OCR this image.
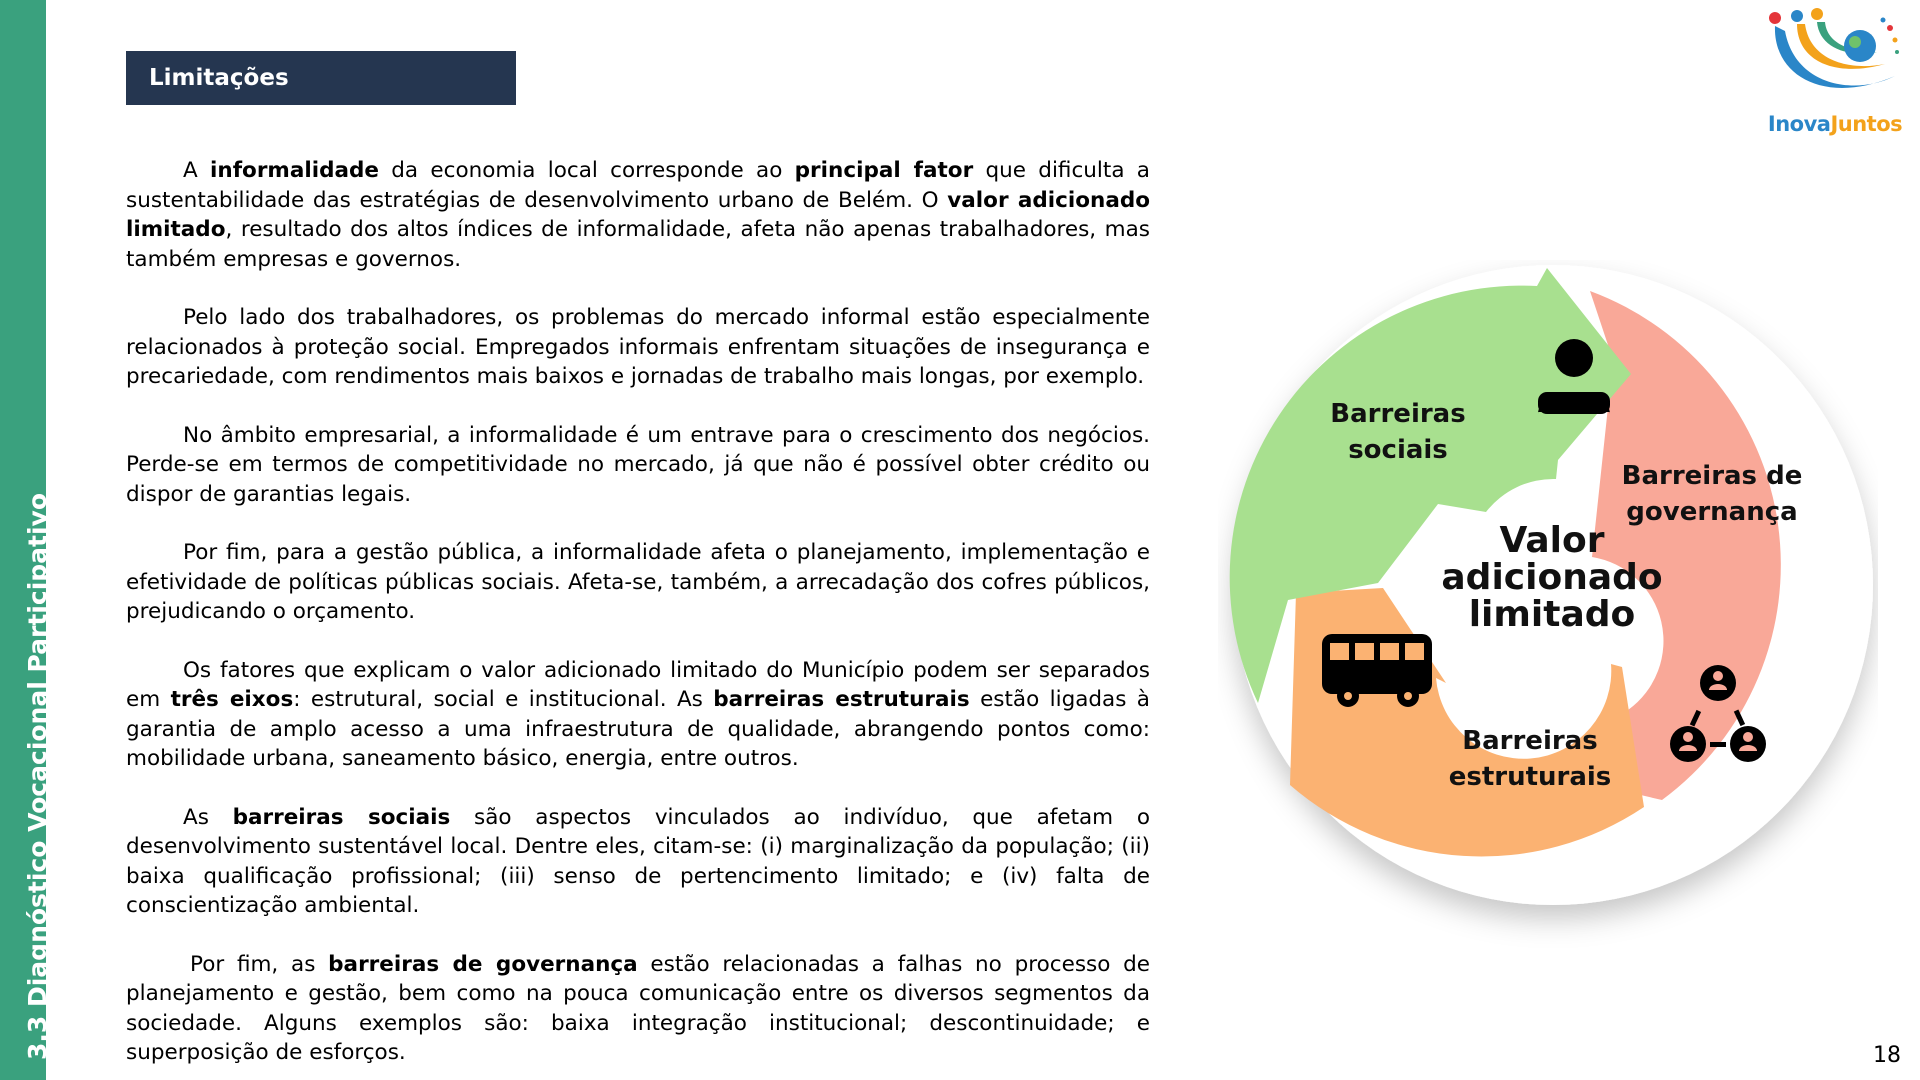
3.3 Diagnóstico Vocacional Participativo
Limitações
InovaJuntos

A informalidade da economia local corresponde ao principal fator que dificulta a sustentabilidade das estratégias de desenvolvimento urbano de Belém. O valor adicionado limitado, resultado dos altos índices de informalidade, afeta não apenas trabalhadores, mas também empresas e governos.

Pelo lado dos trabalhadores, os problemas do mercado informal estão especialmente relacionados à proteção social. Empregados informais enfrentam situações de insegurança e precariedade, com rendimentos mais baixos e jornadas de trabalho mais longas, por exemplo.

No âmbito empresarial, a informalidade é um entrave para o crescimento dos negócios. Perde-se em termos de competitividade no mercado, já que não é possível obter crédito ou dispor de garantias legais.

Por fim, para a gestão pública, a informalidade afeta o planejamento, implementação e efetividade de políticas públicas sociais. Afeta-se, também, a arrecadação dos cofres públicos, prejudicando o orçamento.

Os fatores que explicam o valor adicionado limitado do Município podem ser separados em três eixos: estrutural, social e institucional. As barreiras estruturais estão ligadas à garantia de amplo acesso a uma infraestrutura de qualidade, abrangendo pontos como: mobilidade urbana, saneamento básico, energia, entre outros.

As barreiras sociais são aspectos vinculados ao indivíduo, que afetam o desenvolvimento sustentável local. Dentre eles, citam-se: (i) marginalização da população; (ii) baixa qualificação profissional; (iii) senso de pertencimento limitado; e (iv) falta de conscientização ambiental.

Por fim, as barreiras de governança estão relacionadas a falhas no processo de planejamento e gestão, bem como na pouca comunicação entre os diversos segmentos da sociedade. Alguns exemplos são: baixa integração institucional; descontinuidade; e superposição de esforços.

Valor adicionado limitado
Barreiras sociais
Barreiras de governança
Barreiras estruturais
18
